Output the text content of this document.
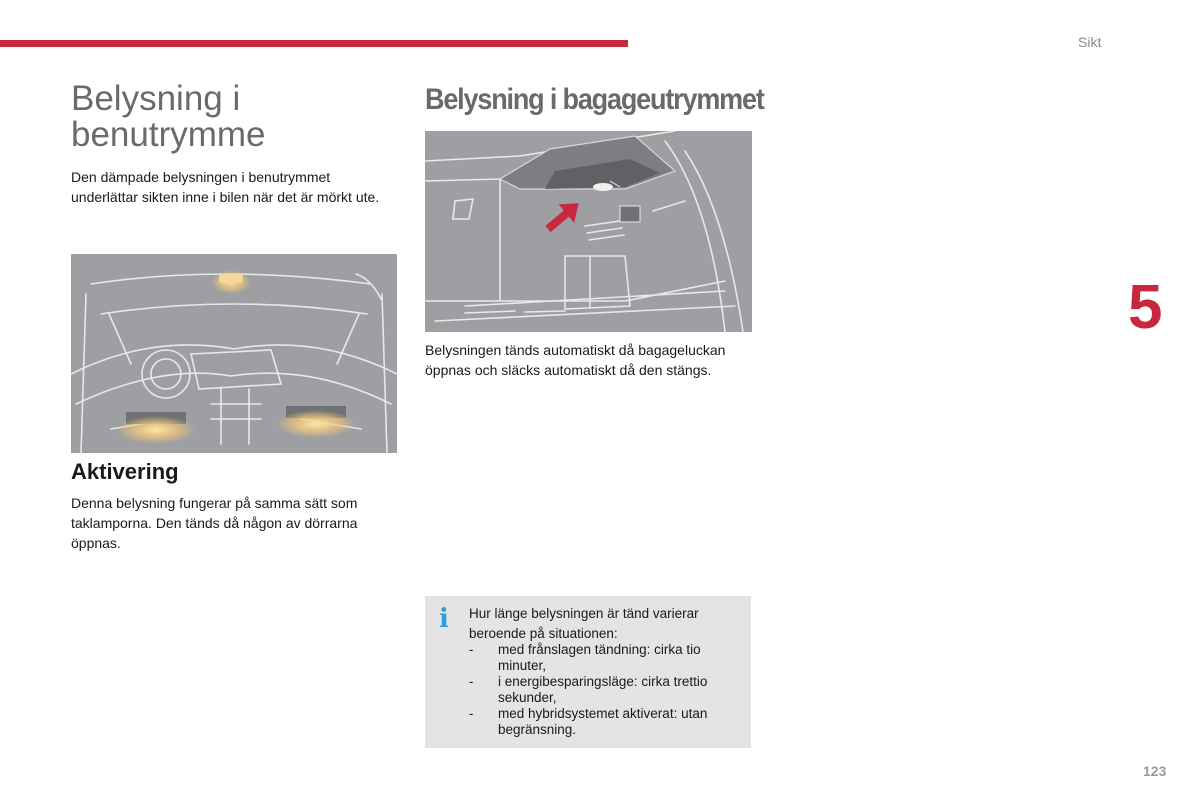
Sikt
5
Belysning i benutrymme

Den dämpade belysningen i benutrymmet underlättar sikten inne i bilen när det är mörkt ute.

Aktivering

Denna belysning fungerar på samma sätt som taklamporna. Den tänds då någon av dörrarna öppnas.

Belysning i bagageutrymmet

Belysningen tänds automatiskt då bagageluckan öppnas och släcks automatiskt då den stängs.

i Hur länge belysningen är tänd varierar beroende på situationen:
- med frånslagen tändning: cirka tio minuter,
- i energibesparingsläge: cirka trettio sekunder,
- med hybridsystemet aktiverat: utan begränsning.
123
